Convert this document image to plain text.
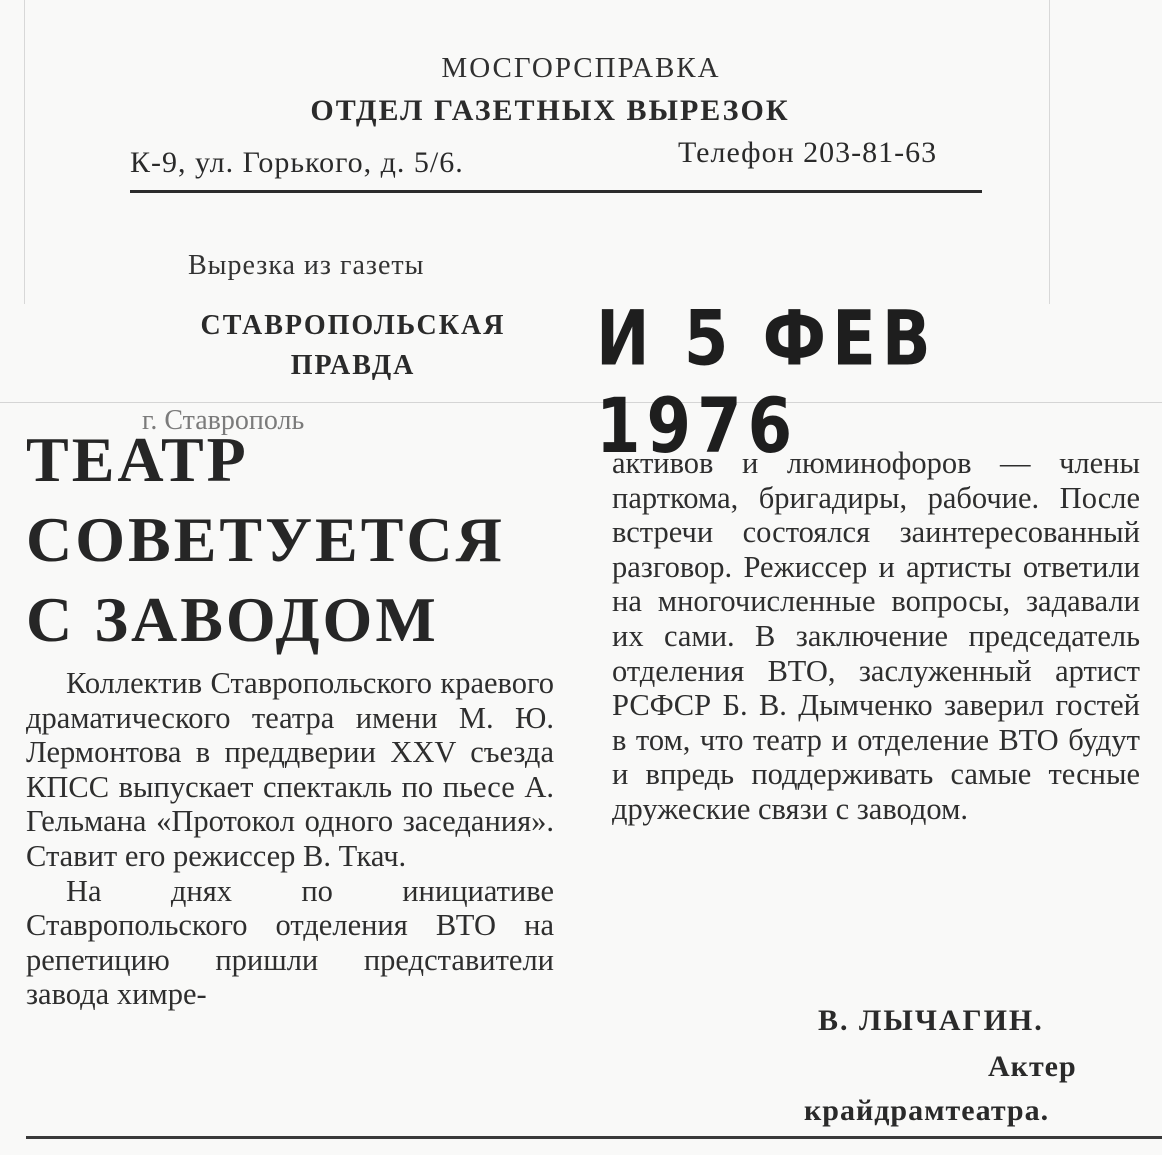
МОСГОРСПРАВКА
ОТДЕЛ ГАЗЕТНЫХ ВЫРЕЗОК
К-9, ул. Горького, д. 5/6.	Телефон 203-81-63
Вырезка из газеты
СТАВРОПОЛЬСКАЯ
ПРАВДА	И 5 ФЕВ 1976
г. Ставрополь
ТЕАТР
СОВЕТУЕТСЯ
С ЗАВОДОМ

Коллектив Ставропольского краевого драматического театра имени М. Ю. Лермонтова в преддверии XXV съезда КПСС выпускает спектакль по пьесе А. Гельмана «Протокол одного заседания». Ставит его режиссер В. Ткач.

На днях по инициативе Ставропольского отделения ВТО на репетицию пришли представители завода химре-

активов и люминофоров — члены парткома, бригадиры, рабочие. После встречи состоялся заинтересованный разговор. Режиссер и артисты ответили на многочисленные вопросы, задавали их сами. В заключение председатель отделения ВТО, заслуженный артист РСФСР Б. В. Дымченко заверил гостей в том, что театр и отделение ВТО будут и впредь поддерживать самые тесные дружеские связи с заводом.

В. ЛЫЧАГИН.
Актер
крайдрамтеатра.
